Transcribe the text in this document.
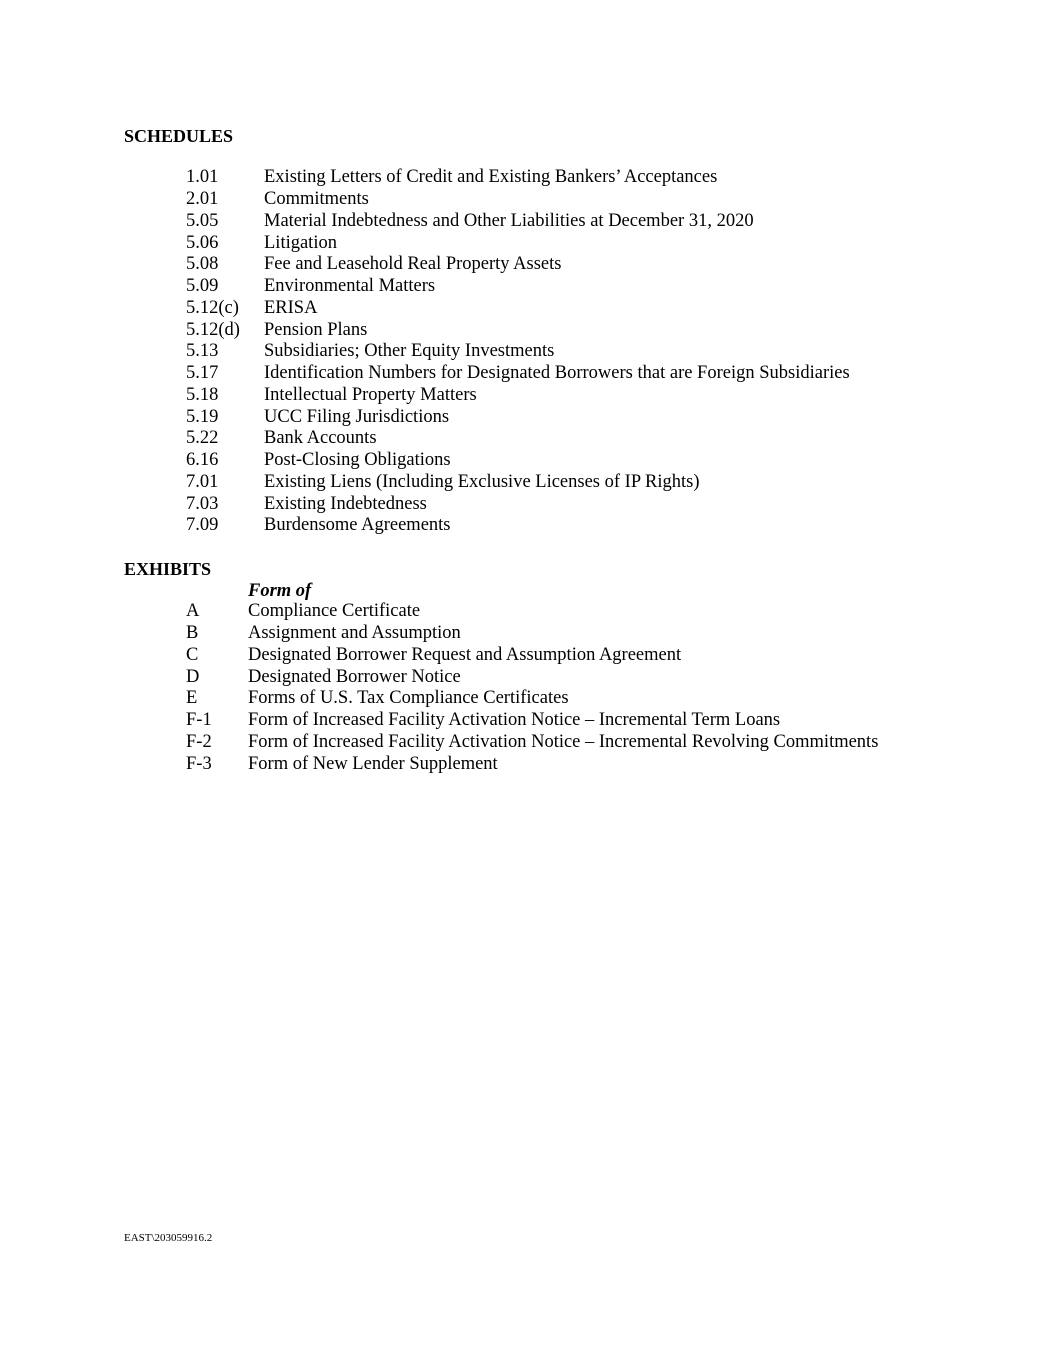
SCHEDULES
1.01	Existing Letters of Credit and Existing Bankers’ Acceptances
2.01	Commitments
5.05	Material Indebtedness and Other Liabilities at December 31, 2020
5.06	Litigation
5.08	Fee and Leasehold Real Property Assets
5.09	Environmental Matters
5.12(c)	ERISA
5.12(d)	Pension Plans
5.13	Subsidiaries; Other Equity Investments
5.17	Identification Numbers for Designated Borrowers that are Foreign Subsidiaries
5.18	Intellectual Property Matters
5.19	UCC Filing Jurisdictions
5.22	Bank Accounts
6.16	Post-Closing Obligations
7.01	Existing Liens (Including Exclusive Licenses of IP Rights)
7.03	Existing Indebtedness
7.09	Burdensome Agreements
EXHIBITS

Form of

A	Compliance Certificate
B	Assignment and Assumption
C	Designated Borrower Request and Assumption Agreement
D	Designated Borrower Notice
E	Forms of U.S. Tax Compliance Certificates
F-1	Form of Increased Facility Activation Notice – Incremental Term Loans
F-2	Form of Increased Facility Activation Notice – Incremental Revolving Commitments
F-3	Form of New Lender Supplement
EAST\203059916.2
